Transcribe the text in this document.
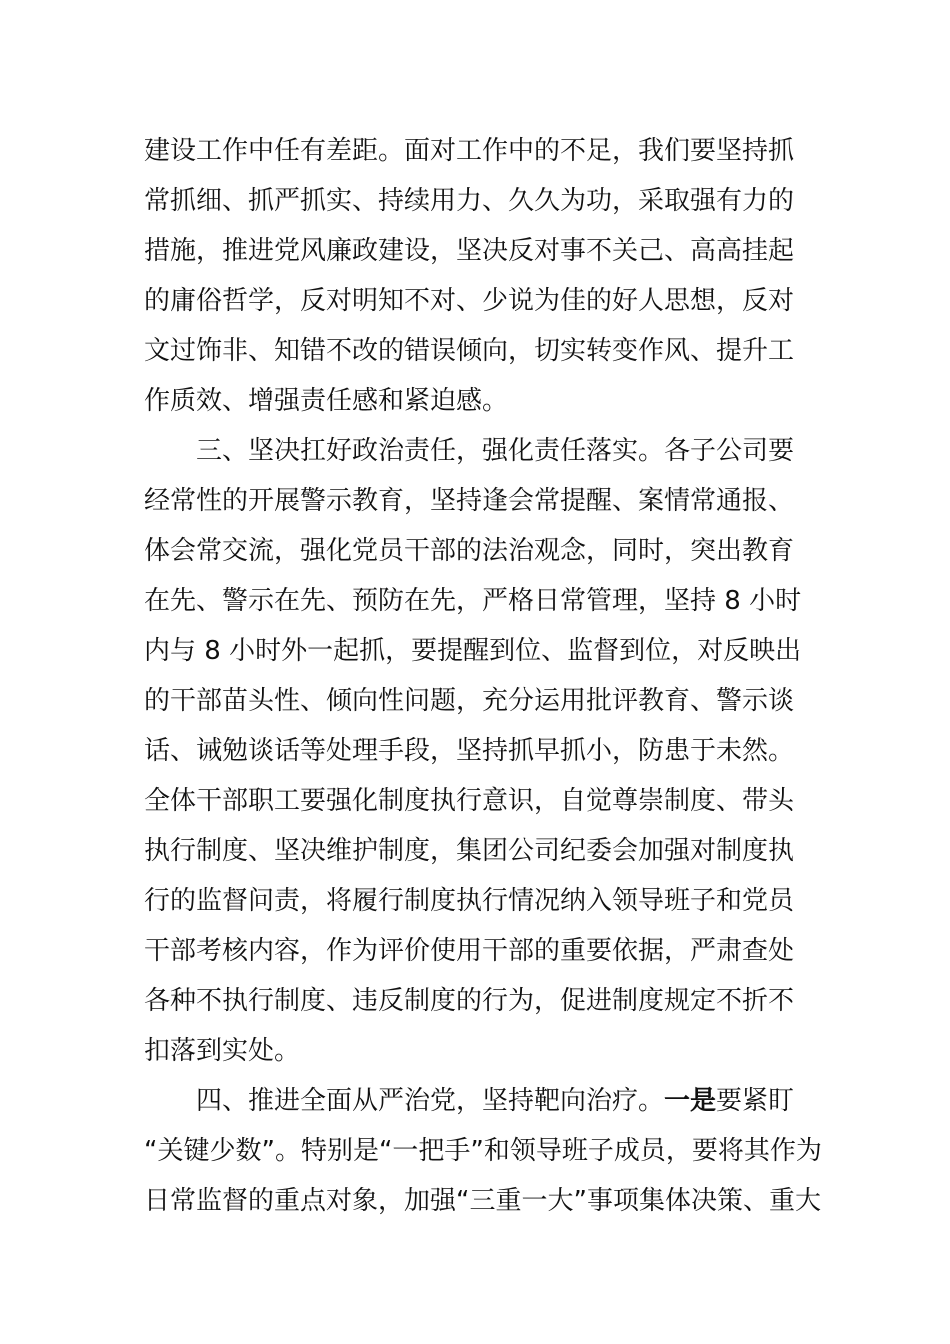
建设工作中任有差距。面对工作中的不足，我们要坚持抓
常抓细、抓严抓实、持续用力、久久为功，采取强有力的
措施，推进党风廉政建设，坚决反对事不关己、高高挂起
的庸俗哲学，反对明知不对、少说为佳的好人思想，反对
文过饰非、知错不改的错误倾向，切实转变作风、提升工
作质效、增强责任感和紧迫感。
三、坚决扛好政治责任，强化责任落实。各子公司要
经常性的开展警示教育，坚持逢会常提醒、案情常通报、
体会常交流，强化党员干部的法治观念，同时，突出教育
在先、警示在先、预防在先，严格日常管理，坚持 8 小时
内与 8 小时外一起抓，要提醒到位、监督到位，对反映出
的干部苗头性、倾向性问题，充分运用批评教育、警示谈
话、诫勉谈话等处理手段，坚持抓早抓小，防患于未然。
全体干部职工要强化制度执行意识，自觉尊崇制度、带头
执行制度、坚决维护制度，集团公司纪委会加强对制度执
行的监督问责，将履行制度执行情况纳入领导班子和党员
干部考核内容，作为评价使用干部的重要依据，严肃查处
各种不执行制度、违反制度的行为，促进制度规定不折不
扣落到实处。
四、推进全面从严治党，坚持靶向治疗。一是要紧盯
“关键少数”。特别是“一把手”和领导班子成员，要将其作为
日常监督的重点对象，加强“三重一大”事项集体决策、重大
